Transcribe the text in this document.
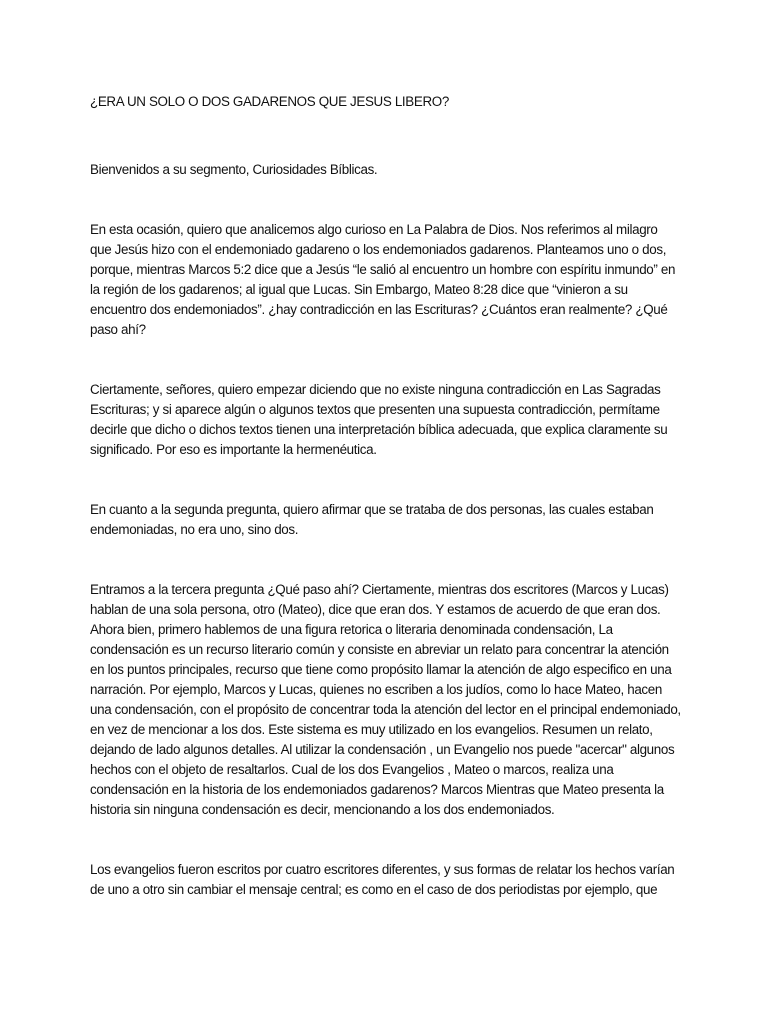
¿ERA UN SOLO O DOS GADARENOS QUE JESUS LIBERO?

Bienvenidos a su segmento, Curiosidades Bíblicas.

En esta ocasión, quiero que analicemos algo curioso en La Palabra de Dios. Nos referimos al milagro que Jesús hizo con el endemoniado gadareno o los endemoniados gadarenos. Planteamos uno o dos, porque, mientras Marcos 5:2 dice que a Jesús “le salió al encuentro un hombre con espíritu inmundo” en la región de los gadarenos; al igual que Lucas. Sin Embargo, Mateo 8:28 dice que “vinieron a su encuentro dos endemoniados”. ¿hay contradicción en las Escrituras? ¿Cuántos eran realmente? ¿Qué paso ahí?

Ciertamente, señores, quiero empezar diciendo que no existe ninguna contradicción en Las Sagradas Escrituras; y si aparece algún o algunos textos que presenten una supuesta contradicción, permítame decirle que dicho o dichos textos tienen una interpretación bíblica adecuada, que explica claramente su significado. Por eso es importante la hermenéutica.

En cuanto a la segunda pregunta, quiero afirmar que se trataba de dos personas, las cuales estaban endemoniadas, no era uno, sino dos.

Entramos a la tercera pregunta ¿Qué paso ahí? Ciertamente, mientras dos escritores (Marcos y Lucas) hablan de una sola persona, otro (Mateo), dice que eran dos. Y estamos de acuerdo de que eran dos. Ahora bien, primero hablemos de una figura retorica o literaria denominada condensación, La condensación es un recurso literario común y consiste en abreviar un relato para concentrar la atención en los puntos principales, recurso que tiene como propósito llamar la atención de algo especifico en una narración. Por ejemplo, Marcos y Lucas, quienes no escriben a los judíos, como lo hace Mateo, hacen una condensación, con el propósito de concentrar toda la atención del lector en el principal endemoniado, en vez de mencionar a los dos. Este sistema es muy utilizado en los evangelios. Resumen un relato, dejando de lado algunos detalles. Al utilizar la condensación , un Evangelio nos puede "acercar" algunos hechos con el objeto de resaltarlos. Cual de los dos Evangelios , Mateo o marcos, realiza una condensación en la historia de los endemoniados gadarenos? Marcos Mientras que Mateo presenta la historia sin ninguna condensación es decir, mencionando a los dos endemoniados.

Los evangelios fueron escritos por cuatro escritores diferentes, y sus formas de relatar los hechos varían de uno a otro sin cambiar el mensaje central; es como en el caso de dos periodistas por ejemplo, que
